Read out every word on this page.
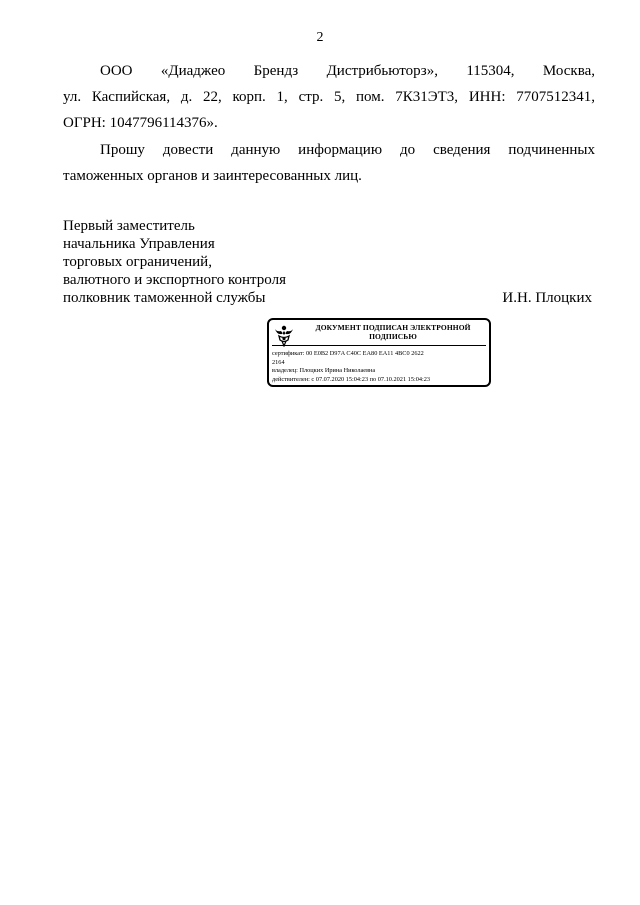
2
ООО «Диаджео Брендз Дистрибьюторз», 115304, Москва,
ул. Каспийская, д. 22, корп. 1, стр. 5, пом. 7К31ЭТ3, ИНН: 7707512341,
ОГРН: 1047796114376».
Прошу довести данную информацию до сведения подчиненных
таможенных органов и заинтересованных лиц.
Первый заместитель
начальника Управления
торговых ограничений,
валютного и экспортного контроля
полковник таможенной службы	И.Н. Плоцких
ДОКУМЕНТ ПОДПИСАН ЭЛЕКТРОННОЙ
ПОДПИСЬЮ
сертификат: 00 E0B2 D97A C40C EA80 EA11 4BC0 2622
2164
владелец: Плоцких Ирина Николаевна
действителен: с 07.07.2020 15:04:23 по 07.10.2021 15:04:23
